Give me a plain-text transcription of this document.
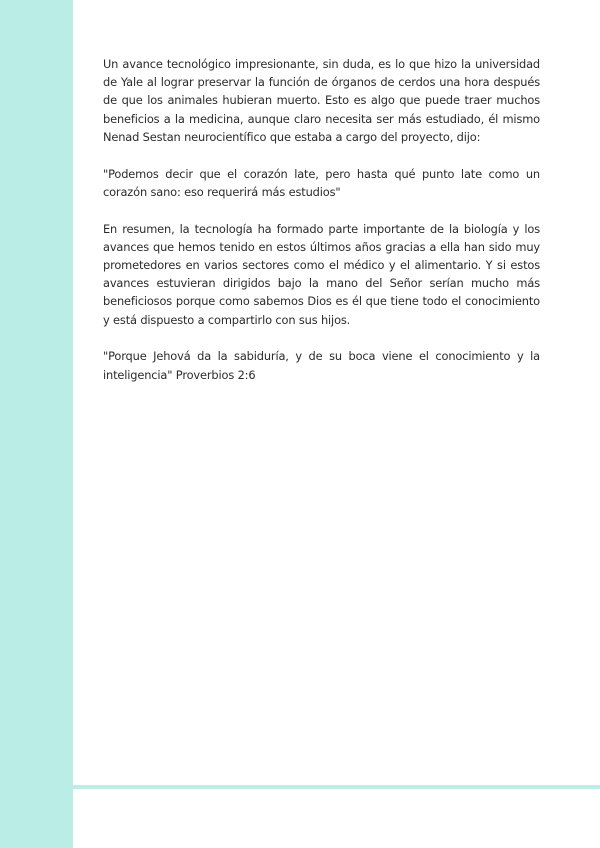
Un avance tecnológico impresionante, sin duda, es lo que hizo la universidad de Yale al lograr preservar la función de órganos de cerdos una hora después de que los animales hubieran muerto. Esto es algo que puede traer muchos beneficios a la medicina, aunque claro necesita ser más estudiado, él mismo Nenad Sestan neurocientífico que estaba a cargo del proyecto, dijo:

"Podemos decir que el corazón late, pero hasta qué punto late como un corazón sano: eso requerirá más estudios"

En resumen, la tecnología ha formado parte importante de la biología y los avances que hemos tenido en estos últimos años gracias a ella han sido muy prometedores en varios sectores como el médico y el alimentario. Y si estos avances estuvieran dirigidos bajo la mano del Señor serían mucho más beneficiosos porque como sabemos Dios es él que tiene todo el conocimiento y está dispuesto a compartirlo con sus hijos.

"Porque Jehová da la sabiduría, y de su boca viene el conocimiento y la inteligencia" Proverbios 2:6
